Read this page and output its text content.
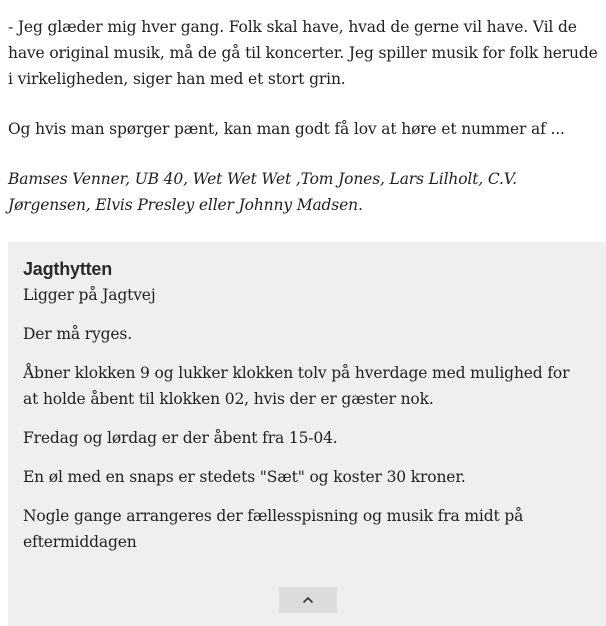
- Jeg glæder mig hver gang. Folk skal have, hvad de gerne vil have. Vil de have original musik, må de gå til koncerter. Jeg spiller musik for folk herude i virkeligheden, siger han med et stort grin.

Og hvis man spørger pænt, kan man godt få lov at høre et nummer af ...

Bamses Venner, UB 40, Wet Wet Wet ,Tom Jones, Lars Lilholt, C.V. Jørgensen, Elvis Presley eller Johnny Madsen.

Jagthytten

Ligger på Jagtvej

Der må ryges.

Åbner klokken 9 og lukker klokken tolv på hverdage med mulighed for at holde åbent til klokken 02, hvis der er gæster nok.

Fredag og lørdag er der åbent fra 15-04.

En øl med en snaps er stedets "Sæt" og koster 30 kroner.

Nogle gange arrangeres der fællesspisning og musik fra midt på eftermiddagen
